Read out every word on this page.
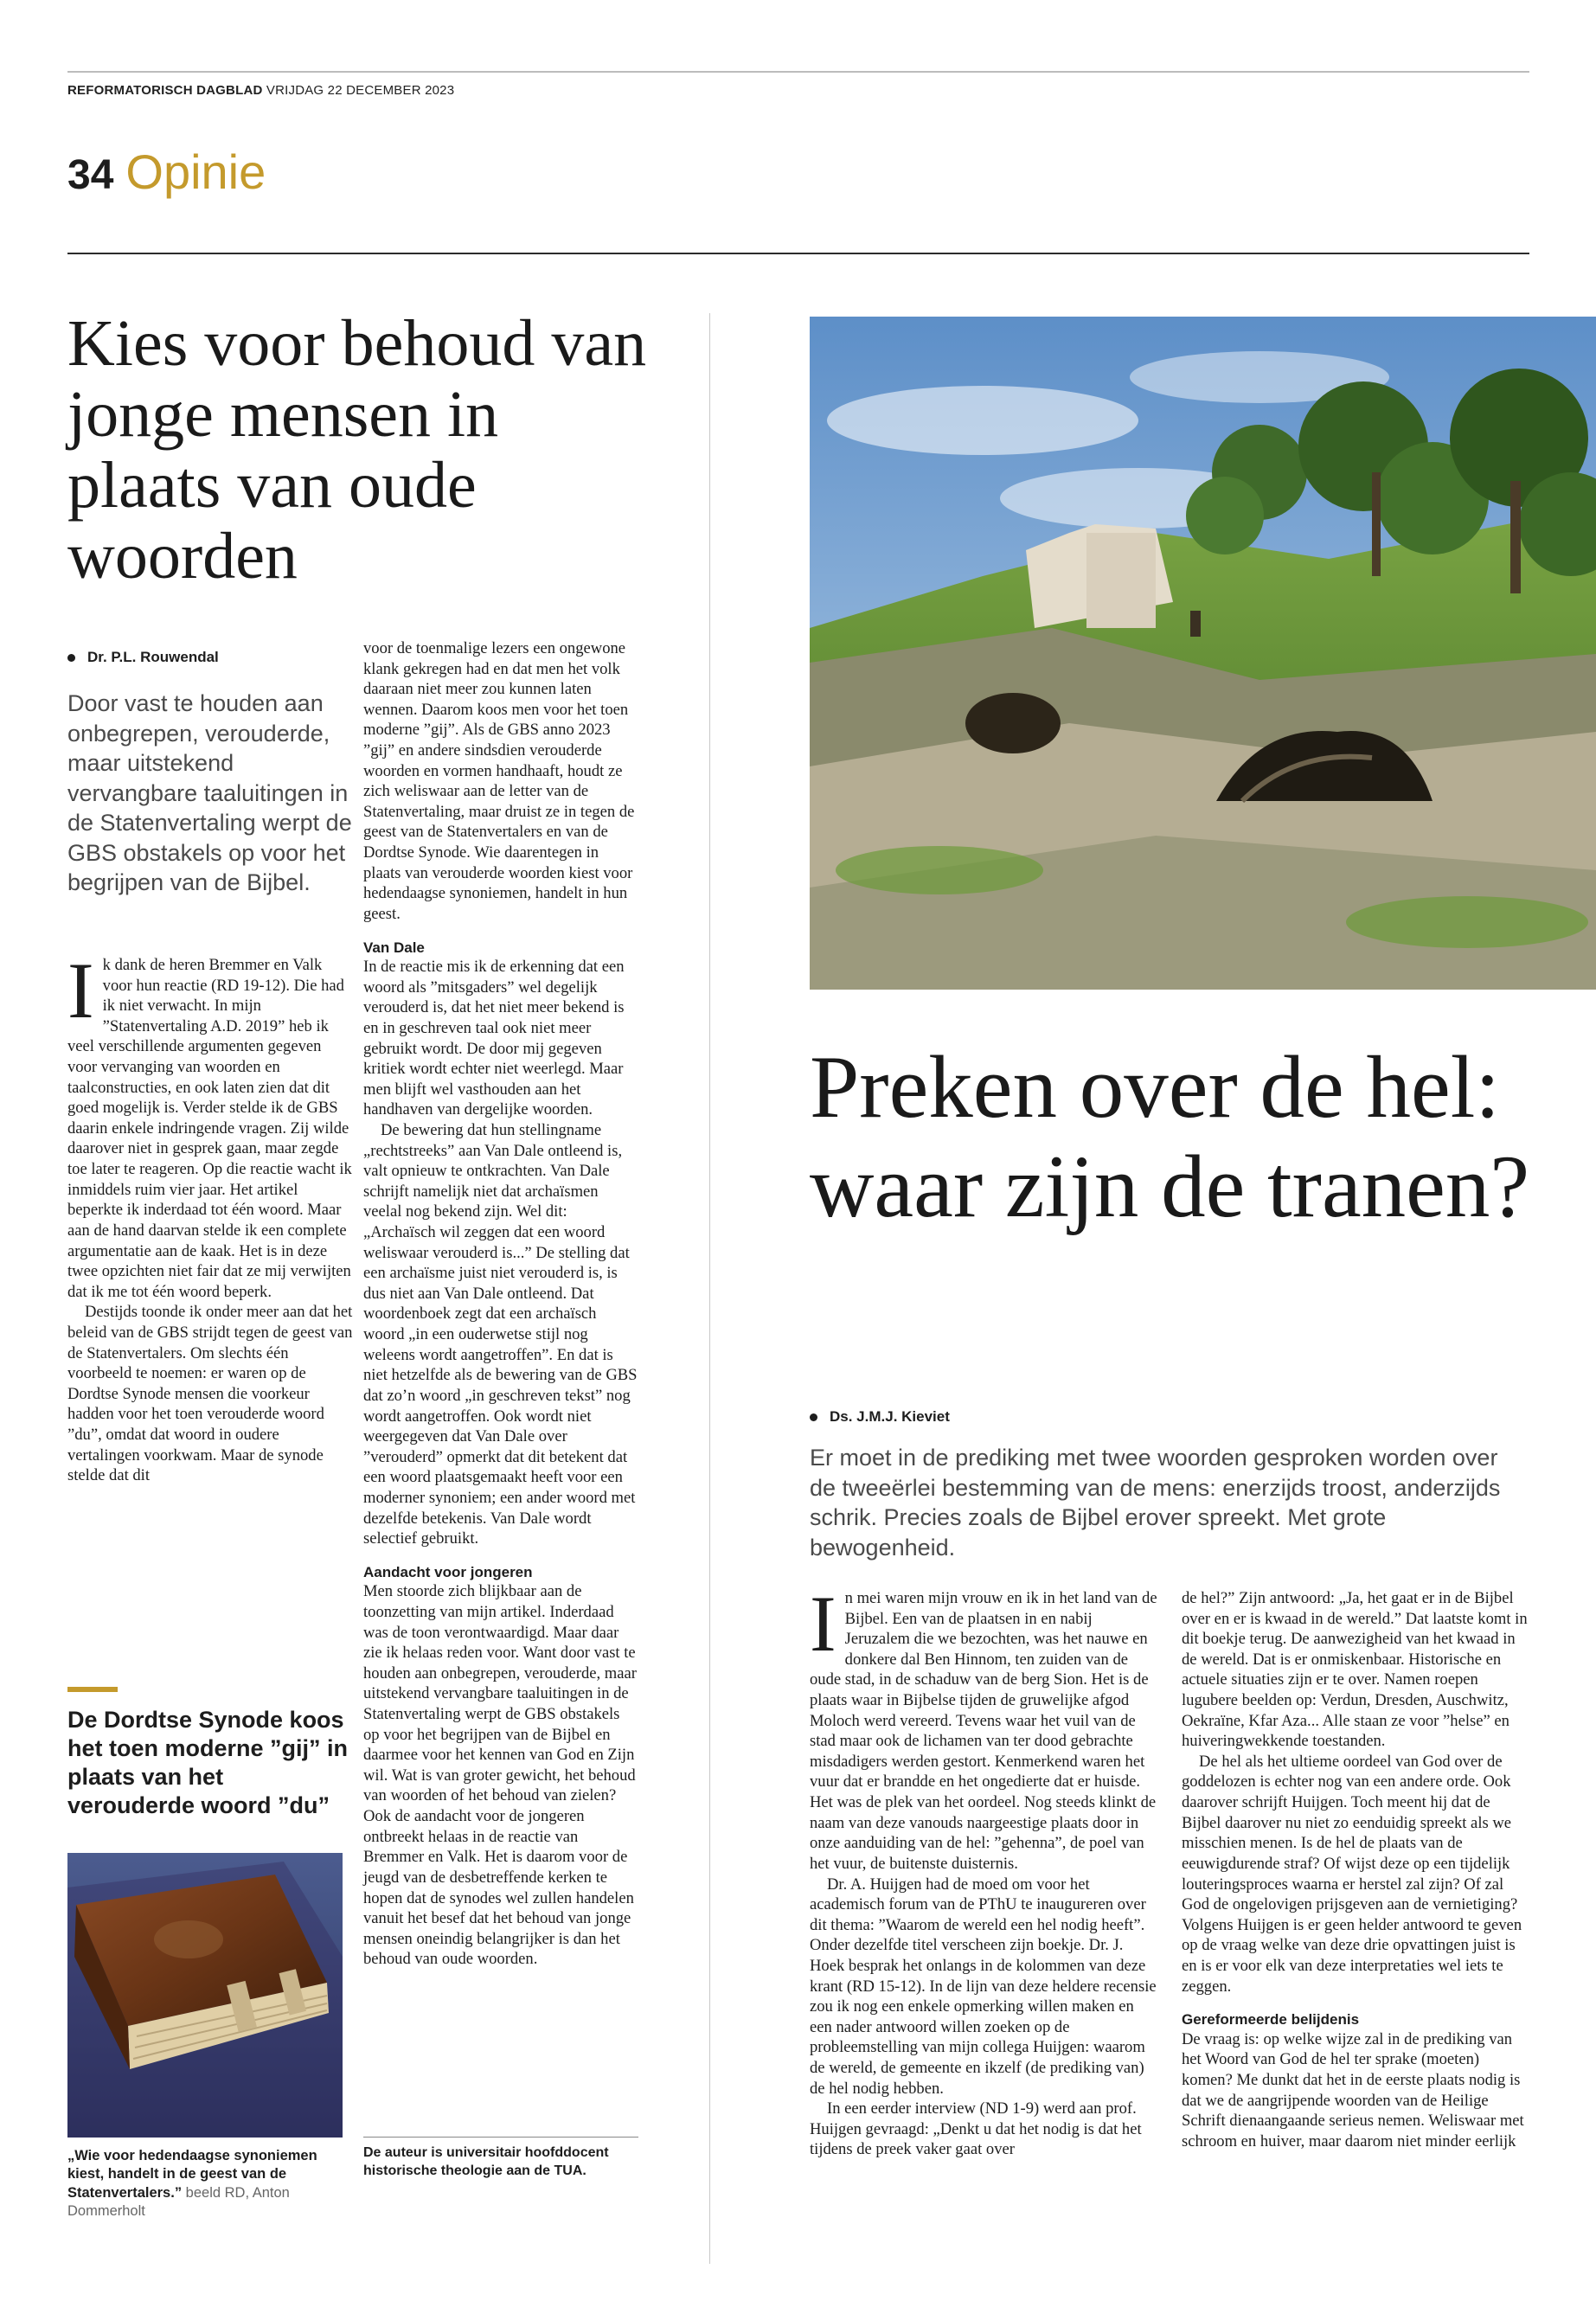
REFORMATORISCH DAGBLAD VRIJDAG 22 DECEMBER 2023
34 Opinie
Kies voor behoud van jonge mensen in plaats van oude woorden
Dr. P.L. Rouwendal

Door vast te houden aan onbegrepen, verouderde, maar uitstekend vervangbare taaluitingen in de Statenvertaling werpt de GBS obstakels op voor het begrijpen van de Bijbel.

Ik dank de heren Bremmer en Valk voor hun reactie (RD 19-12). Die had ik niet verwacht. In mijn ”Statenvertaling A.D. 2019” heb ik veel verschillende argumenten gegeven voor vervanging van woorden en taalconstructies, en ook laten zien dat dit goed mogelijk is. Verder stelde ik de GBS daarin enkele indringende vragen. Zij wilde daarover niet in gesprek gaan, maar zegde toe later te reageren. Op die reactie wacht ik inmiddels ruim vier jaar. Het artikel beperkte ik inderdaad tot één woord. Maar aan de hand daarvan stelde ik een complete argumentatie aan de kaak. Het is in deze twee opzichten niet fair dat ze mij verwijten dat ik me tot één woord beperk.

Destijds toonde ik onder meer aan dat het beleid van de GBS strijdt tegen de geest van de Statenvertalers. Om slechts één voorbeeld te noemen: er waren op de Dordtse Synode mensen die voorkeur hadden voor het toen verouderde woord ”du”, omdat dat woord in oudere vertalingen voorkwam. Maar de synode stelde dat dit

voor de toenmalige lezers een ongewone klank gekregen had en dat men het volk daaraan niet meer zou kunnen laten wennen. Daarom koos men voor het toen moderne ”gij”. Als de GBS anno 2023 ”gij” en andere sindsdien verouderde woorden en vormen handhaaft, houdt ze zich weliswaar aan de letter van de Statenvertaling, maar druist ze in tegen de geest van de Statenvertalers en van de Dordtse Synode. Wie daarentegen in plaats van verouderde woorden kiest voor hedendaagse synoniemen, handelt in hun geest.

Van Dale

In de reactie mis ik de erkenning dat een woord als ”mitsgaders” wel degelijk verouderd is, dat het niet meer bekend is en in geschreven taal ook niet meer gebruikt wordt. De door mij gegeven kritiek wordt echter niet weerlegd. Maar men blijft wel vasthouden aan het handhaven van dergelijke woorden.

De bewering dat hun stellingname „rechtstreeks” aan Van Dale ontleend is, valt opnieuw te ontkrachten. Van Dale schrijft namelijk niet dat archaïsmen veelal nog bekend zijn. Wel dit: „Archaïsch wil zeggen dat een woord weliswaar verouderd is...” De stelling dat een archaïsme juist niet verouderd is, is dus niet aan Van Dale ontleend. Dat woordenboek zegt dat een archaïsch woord „in een ouderwetse stijl nog weleens wordt aangetroffen”. En dat is niet hetzelfde als de bewering van de GBS dat zo’n woord „in geschreven tekst” nog wordt aangetroffen. Ook wordt niet weergegeven dat Van Dale over ”verouderd” opmerkt dat dit betekent dat een woord plaatsgemaakt heeft voor een moderner synoniem; een ander woord met dezelfde betekenis. Van Dale wordt selectief gebruikt.

Aandacht voor jongeren

Men stoorde zich blijkbaar aan de toonzetting van mijn artikel. Inderdaad was de toon verontwaardigd. Maar daar zie ik helaas reden voor. Want door vast te houden aan onbegrepen, verouderde, maar uitstekend vervangbare taaluitingen in de Statenvertaling werpt de GBS obstakels op voor het begrijpen van de Bijbel en daarmee voor het kennen van God en Zijn wil. Wat is van groter gewicht, het behoud van woorden of het behoud van zielen? Ook de aandacht voor de jongeren ontbreekt helaas in de reactie van Bremmer en Valk. Het is daarom voor de jeugd van de desbetreffende kerken te hopen dat de synodes wel zullen handelen vanuit het besef dat het behoud van jonge mensen oneindig belangrijker is dan het behoud van oude woorden.

De Dordtse Synode koos het toen moderne ”gij” in plaats van het verouderde woord ”du”

„Wie voor hedendaagse synoniemen kiest, handelt in de geest van de Statenvertalers.” beeld RD, Anton Dommerholt
De auteur is universitair hoofddocent historische theologie aan de TUA.
Preken over de hel: waar zijn de tranen?
Ds. J.M.J. Kieviet

Er moet in de prediking met twee woorden gesproken worden over de tweeërlei bestemming van de mens: enerzijds troost, anderzijds schrik. Precies zoals de Bijbel erover spreekt. Met grote bewogenheid.

In mei waren mijn vrouw en ik in het land van de Bijbel. Een van de plaatsen in en nabij Jeruzalem die we bezochten, was het nauwe en donkere dal Ben Hinnom, ten zuiden van de oude stad, in de schaduw van de berg Sion. Het is de plaats waar in Bijbelse tijden de gruwelijke afgod Moloch werd vereerd. Tevens waar het vuil van de stad maar ook de lichamen van ter dood gebrachte misdadigers werden gestort. Kenmerkend waren het vuur dat er brandde en het ongedierte dat er huisde. Het was de plek van het oordeel. Nog steeds klinkt de naam van deze vanouds naargeestige plaats door in onze aanduiding van de hel: ”gehenna”, de poel van het vuur, de buitenste duisternis.

Dr. A. Huijgen had de moed om voor het academisch forum van de PThU te inaugureren over dit thema: ”Waarom de wereld een hel nodig heeft”. Onder dezelfde titel verscheen zijn boekje. Dr. J. Hoek besprak het onlangs in de kolommen van deze krant (RD 15-12). In de lijn van deze heldere recensie zou ik nog een enkele opmerking willen maken en een nader antwoord willen zoeken op de probleemstelling van mijn collega Huijgen: waarom de wereld, de gemeente en ikzelf (de prediking van) de hel nodig hebben.

In een eerder interview (ND 1-9) werd aan prof. Huijgen gevraagd: „Denkt u dat het nodig is dat het tijdens de preek vaker gaat over

de hel?” Zijn antwoord: „Ja, het gaat er in de Bijbel over en er is kwaad in de wereld.” Dat laatste komt in dit boekje terug. De aanwezigheid van het kwaad in de wereld. Dat is er onmiskenbaar. Historische en actuele situaties zijn er te over. Namen roepen lugubere beelden op: Verdun, Dresden, Auschwitz, Oekraïne, Kfar Aza... Alle staan ze voor ”helse” en huiveringwekkende toestanden.

De hel als het ultieme oordeel van God over de goddelozen is echter nog van een andere orde. Ook daarover schrijft Huijgen. Toch meent hij dat de Bijbel daarover nu niet zo eenduidig spreekt als we misschien menen. Is de hel de plaats van de eeuwigdurende straf? Of wijst deze op een tijdelijk louteringsproces waarna er herstel zal zijn? Of zal God de ongelovigen prijsgeven aan de vernietiging? Volgens Huijgen is er geen helder antwoord te geven op de vraag welke van deze drie opvattingen juist is en is er voor elk van deze interpretaties wel iets te zeggen.

Gereformeerde belijdenis

De vraag is: op welke wijze zal in de prediking van het Woord van God de hel ter sprake (moeten) komen? Me dunkt dat het in de eerste plaats nodig is dat we de aangrijpende woorden van de Heilige Schrift dienaangaande serieus nemen. Weliswaar met schroom en huiver, maar daarom niet minder eerlijk
